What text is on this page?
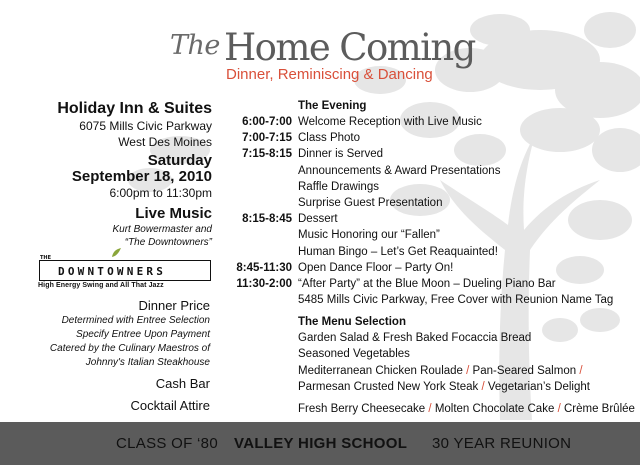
The Home Coming
Dinner, Reminiscing & Dancing
Holiday Inn & Suites
6075 Mills Civic Parkway
West Des Moines
Saturday
September 18, 2010
6:00pm to 11:30pm
Live Music
Kurt Bowermaster and
“The Downtowners”
THE
DOWNTOWNERS
High Energy Swing and All That Jazz
Dinner Price
Determined with Entree Selection
Specify Entree Upon Payment
Catered by the Culinary Maestros of
Johnny's Italian Steakhouse
Cash Bar
Cocktail Attire
The Evening
6:00-7:00 Welcome Reception with Live Music
7:00-7:15 Class Photo
7:15-8:15 Dinner is Served
Announcements & Award Presentations
Raffle Drawings
Surprise Guest Presentation
8:15-8:45 Dessert
Music Honoring our “Fallen”
Human Bingo – Let’s Get Reaquainted!
8:45-11:30 Open Dance Floor – Party On!
11:30-2:00 “After Party” at the Blue Moon – Dueling Piano Bar
5485 Mills Civic Parkway, Free Cover with Reunion Name Tag
The Menu Selection
Garden Salad & Fresh Baked Focaccia Bread
Seasoned Vegetables
Mediterranean Chicken Roulade / Pan-Seared Salmon /
Parmesan Crusted New York Steak / Vegetarian’s Delight
Fresh Berry Cheesecake / Molten Chocolate Cake / Crème Brûlée
CLASS OF ‘80 VALLEY HIGH SCHOOL 30 YEAR REUNION
